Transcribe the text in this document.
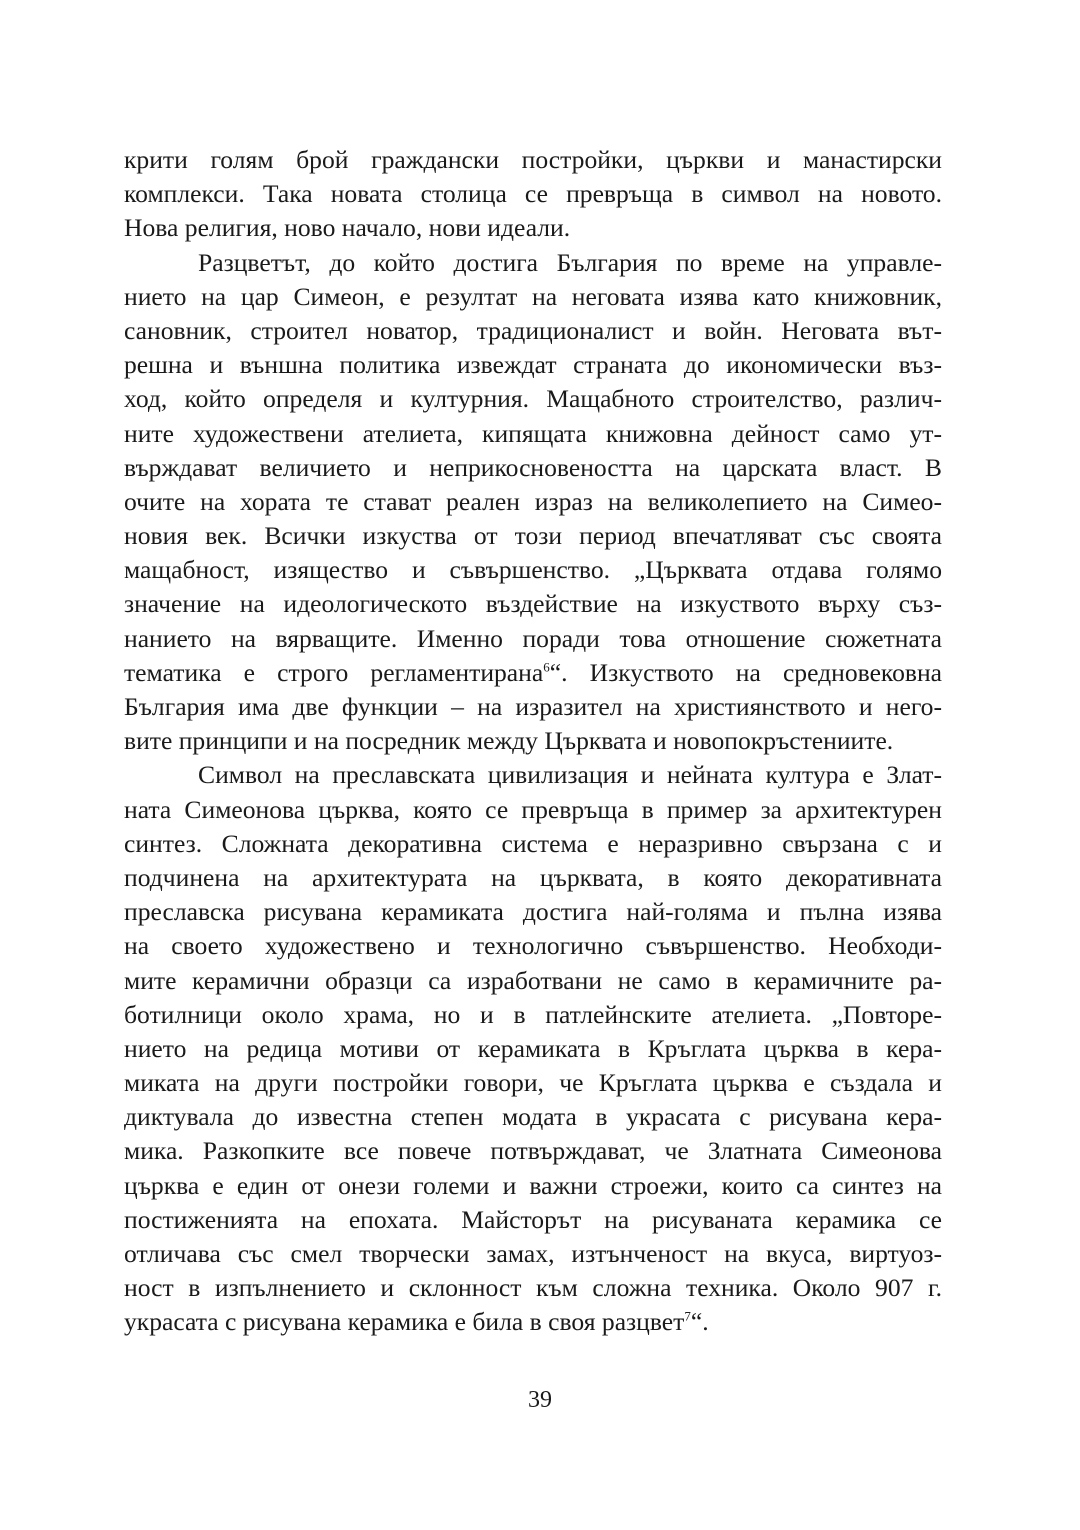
крити голям брой граждански постройки, църкви и манастирски
комплекси. Така новата столица се превръща в символ на новото.
Нова религия, ново начало, нови идеали.
Разцветът, до който достига България по време на управле-
нието на цар Симеон, е резултат на неговата изява като книжовник,
сановник, строител новатор, традиционалист и войн. Неговата вът-
решна и външна политика извеждат страната до икономически въз-
ход, който определя и културния. Мащабното строителство, различ-
ните художествени ателиета, кипящата книжовна дейност само ут-
върждават величието и неприкосновеността на царската власт. В
очите на хората те стават реален израз на великолепието на Симео-
новия век. Всички изкуства от този период впечатляват със своята
мащабност, изящество и съвършенство. „Църквата отдава голямо
значение на идеологическото въздействие на изкуството върху съз-
нанието на вярващите. Именно поради това отношение сюжетната
тематика е строго регламентирана$^6$“. Изкуството на средновековна
България има две функции – на изразител на християнството и него-
вите принципи и на посредник между Църквата и новопокръстениите.
Символ на преславската цивилизация и нейната култура е Злат-
ната Симеонова църква, която се превръща в пример за архитектурен
синтез. Сложната декоративна система е неразривно свързана с и
подчинена на архитектурата на църквата, в която декоративната
преславска рисувана керамиката достига най-голяма и пълна изява
на своето художествено и технологично съвършенство. Необходи-
мите керамични образци са изработвани не само в керамичните ра-
ботилници около храма, но и в патлейнските ателиета. „Повторе-
нието на редица мотиви от керамиката в Кръглата църква в кера-
миката на други постройки говори, че Кръглата църква е създала и
диктувала до известна степен модата в украсата с рисувана кера-
мика. Разкопките все повече потвърждават, че Златната Симеонова
църква е един от онези големи и важни строежи, които са синтез на
постиженията на епохата. Майсторът на рисуваната керамика се
отличава със смел творчески замах, изтънченост на вкуса, виртуоз-
ност в изпълнението и склонност към сложна техника. Около 907 г.
украсата с рисувана керамика е била в своя разцвет$^7$“.
39
